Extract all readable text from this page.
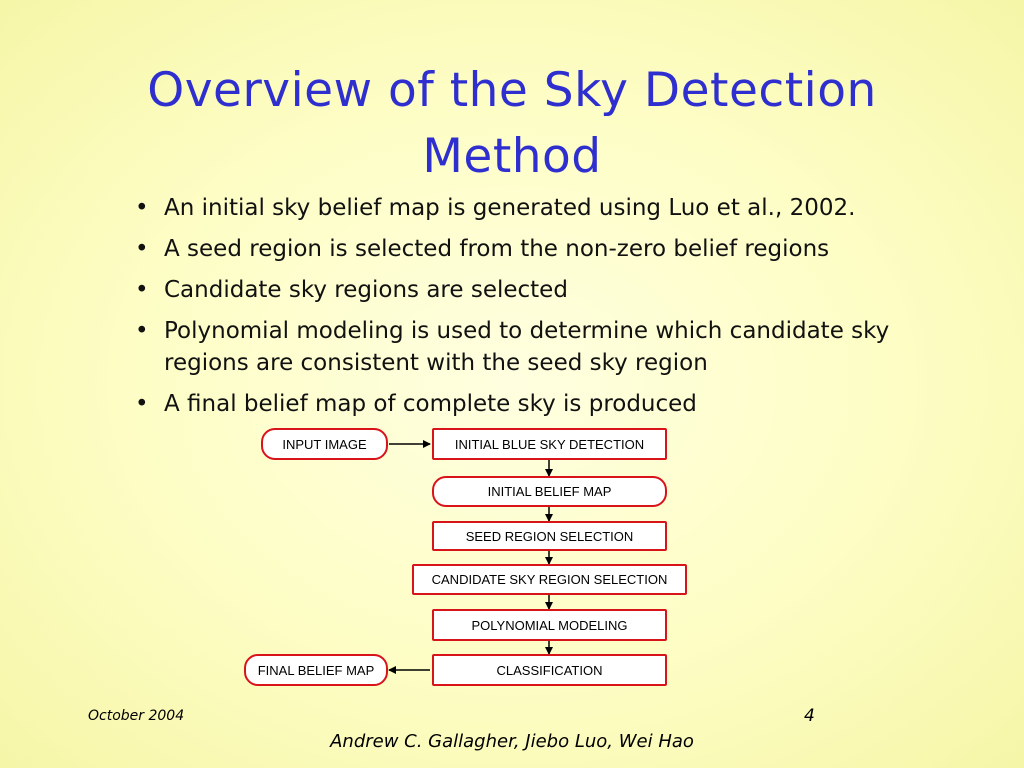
Overview of the Sky Detection Method
• An initial sky belief map is generated using Luo et al., 2002.
• A seed region is selected from the non-zero belief regions
• Candidate sky regions are selected
• Polynomial modeling is used to determine which candidate sky regions are consistent with the seed sky region
• A final belief map of complete sky is produced
INPUT IMAGE	INITIAL BLUE SKY DETECTION
INITIAL BELIEF MAP
SEED REGION SELECTION
CANDIDATE SKY REGION SELECTION
POLYNOMIAL MODELING
CLASSIFICATION
FINAL BELIEF MAP
October 2004	4
Andrew C. Gallagher, Jiebo Luo, Wei Hao
